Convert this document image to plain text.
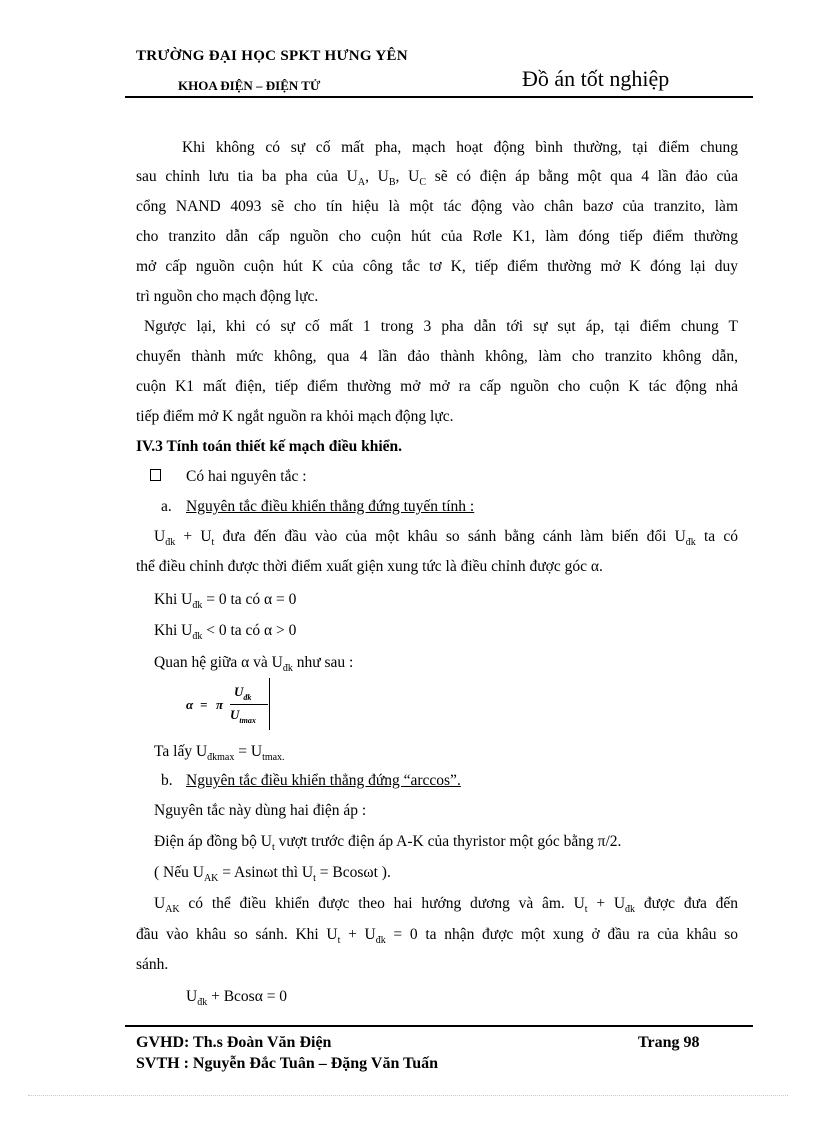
TRƯỜNG ĐẠI HỌC SPKT HƯNG YÊN
KHOA ĐIỆN – ĐIỆN TỬ	Đồ án tốt nghiệp
Khi không có sự cố mất pha, mạch hoạt động bình thường, tại điểm chung
sau chỉnh lưu tia ba pha của $U_A$, $U_B$, $U_C$ sẽ có điện áp bằng một qua 4 lần đảo của
cổng NAND 4093 sẽ cho tín hiệu là một tác động vào chân bazơ của tranzito, làm
cho tranzito dẫn cấp nguồn cho cuộn hút của Rơle K1, làm đóng tiếp điểm thường
mở cấp nguồn cuộn hút K của công tắc tơ K, tiếp điểm thường mở K đóng lại duy
trì nguồn cho mạch động lực.
Ngược lại, khi có sự cố mất 1 trong 3 pha dẫn tới sự sụt áp, tại điểm chung T
chuyển thành mức không, qua 4 lần đảo thành không, làm cho tranzito không dẫn,
cuộn K1 mất điện, tiếp điểm thường mở mở ra cấp nguồn cho cuộn K tác động nhả
tiếp điểm mở K ngắt nguồn ra khỏi mạch động lực.
IV.3 Tính toán thiết kế mạch điều khiển.
Có hai nguyên tắc :
a. Nguyên tắc điều khiển thẳng đứng tuyến tính :
$U_{đk} + U_t$ đưa đến đầu vào của một khâu so sánh bằng cánh làm biến đổi $U_{đk}$ ta có
thể điều chỉnh được thời điểm xuất giện xung tức là điều chỉnh được góc α.
Khi $U_{đk} = 0$ ta có α = 0
Khi $U_{đk} < 0$ ta có α > 0
Quan hệ giữa α và $U_{đk}$ như sau :
α = π
$U_{đk}$
$U_{tmax}$
Ta lấy $U_{đkmax} = U_{tmax.}$
b. Nguyên tắc điều khiển thẳng đứng “arccos”.
Nguyên tắc này dùng hai điện áp :
Điện áp đồng bộ $U_t$ vượt trước điện áp A-K của thyristor một góc bằng π/2.
( Nếu $U_{AK} = Asin\omega t$ thì $U_t = Bcos\omega t$ ).
$U_{AK}$ có thể điều khiển được theo hai hướng dương và âm. $U_t + U_{đk}$ được đưa đến
đầu vào khâu so sánh. Khi $U_t + U_{đk} = 0$ ta nhận được một xung ở đầu ra của khâu so
sánh.
$U_{đk} + Bcos\alpha = 0$
GVHD: Th.s Đoàn Văn Điện	Trang 98
SVTH : Nguyễn Đắc Tuân – Đặng Văn Tuấn
